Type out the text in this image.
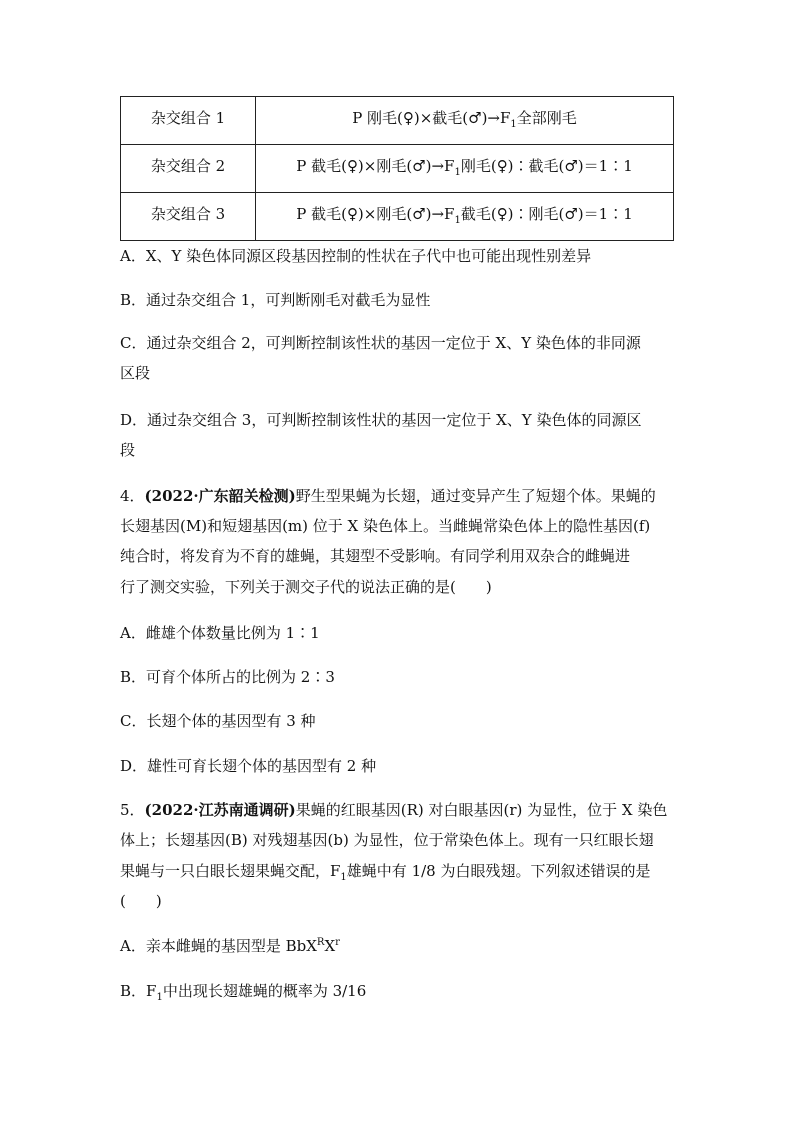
杂交组合 1	P 刚毛(♀)×截毛$(♂)\to F_1$全部刚毛
杂交组合 2	P 截毛(♀)×刚毛$(♂)\to F_1$刚毛(♀)∶截毛(♂)＝1∶1
杂交组合 3	P 截毛(♀)×刚毛$(♂)\to F_1$截毛(♀)∶刚毛(♂)＝1∶1
A．X、Y 染色体同源区段基因控制的性状在子代中也可能出现性别差异
B．通过杂交组合 1，可判断刚毛对截毛为显性
C．通过杂交组合 2，可判断控制该性状的基因一定位于 X、Y 染色体的非同源
区段
D．通过杂交组合 3，可判断控制该性状的基因一定位于 X、Y 染色体的同源区
段
4．(2022·广东韶关检测)野生型果蝇为长翅，通过变异产生了短翅个体。果蝇的
长翅基因(M)和短翅基因(m) 位于 X 染色体上。当雌蝇常染色体上的隐性基因(f)
纯合时，将发育为不育的雄蝇，其翅型不受影响。有同学利用双杂合的雌蝇进
行了测交实验，下列关于测交子代的说法正确的是(　　)
A．雌雄个体数量比例为 1∶1
B．可育个体所占的比例为 2∶3
C．长翅个体的基因型有 3 种
D．雄性可育长翅个体的基因型有 2 种
5．(2022·江苏南通调研)果蝇的红眼基因(R) 对白眼基因(r) 为显性，位于 X 染色
体上；长翅基因(B) 对残翅基因(b) 为显性，位于常染色体上。现有一只红眼长翅
果蝇与一只白眼长翅果蝇交配，$F_1$雄蝇中有 1/8 为白眼残翅。下列叙述错误的是
(　　)
A．亲本雌蝇的基因型是 $BbX^RX^r$
B．$F_1$中出现长翅雄蝇的概率为 3/16
